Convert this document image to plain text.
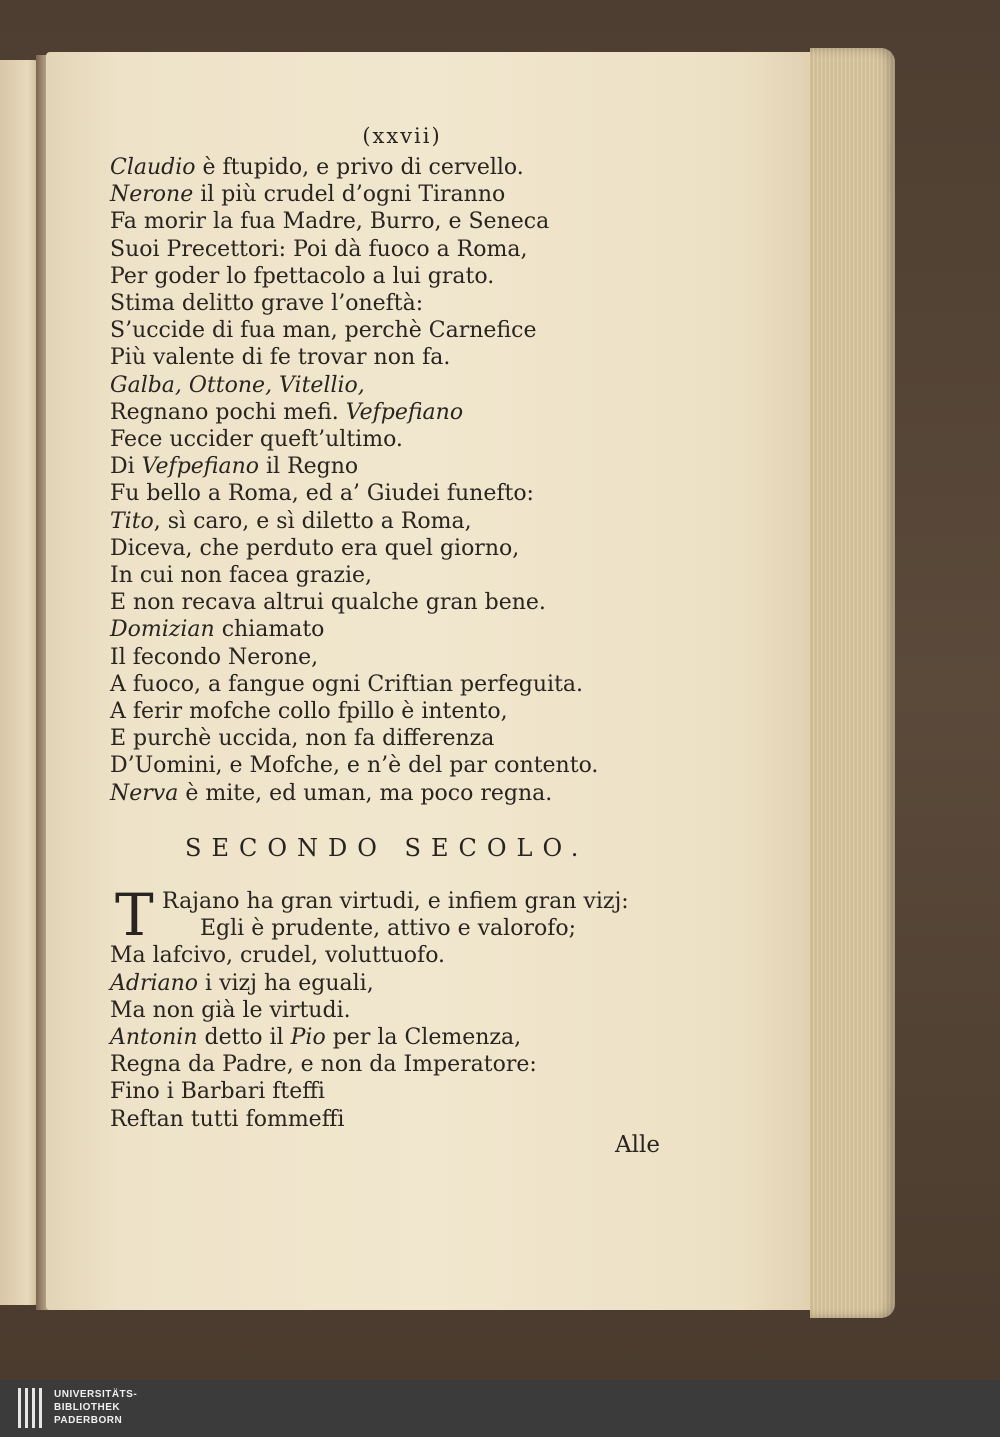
(xxvii)
SECONDO SECOLO.
T
Alle
Claudio è ftupido, e privo di cervello.
Nerone il più crudel d’ogni Tiranno
Fa morir la fua Madre, Burro, e Seneca
Suoi Precettori: Poi dà fuoco a Roma,
Per goder lo fpettacolo a lui grato.
Stima delitto grave l’oneftà:
S’uccide di fua man, perchè Carnefice
Più valente di fe trovar non fa.
Galba, Ottone, Vitellio,
Regnano pochi mefi. Vefpefiano
Fece uccider queft’ultimo.
Di Vefpefiano il Regno
Fu bello a Roma, ed a’ Giudei funefto:
Tito, sì caro, e sì diletto a Roma,
Diceva, che perduto era quel giorno,
In cui non facea grazie,
E non recava altrui qualche gran bene.
Domizian chiamato
Il fecondo Nerone,
A fuoco, a fangue ogni Criftian perfeguita.
A ferir mofche collo fpillo è intento,
E purchè uccida, non fa differenza
D’Uomini, e Mofche, e n’è del par contento.
Nerva è mite, ed uman, ma poco regna.
Rajano ha gran virtudi, e infiem gran vizj:
Egli è prudente, attivo e valorofo;
Ma lafcivo, crudel, voluttuofo.
Adriano i vizj ha eguali,
Ma non già le virtudi.
Antonin detto il Pio per la Clemenza,
Regna da Padre, e non da Imperatore:
Fino i Barbari fteffi
Reftan tutti fommeffi
UNIVERSITÄTS-
BIBLIOTHEK
PADERBORN
